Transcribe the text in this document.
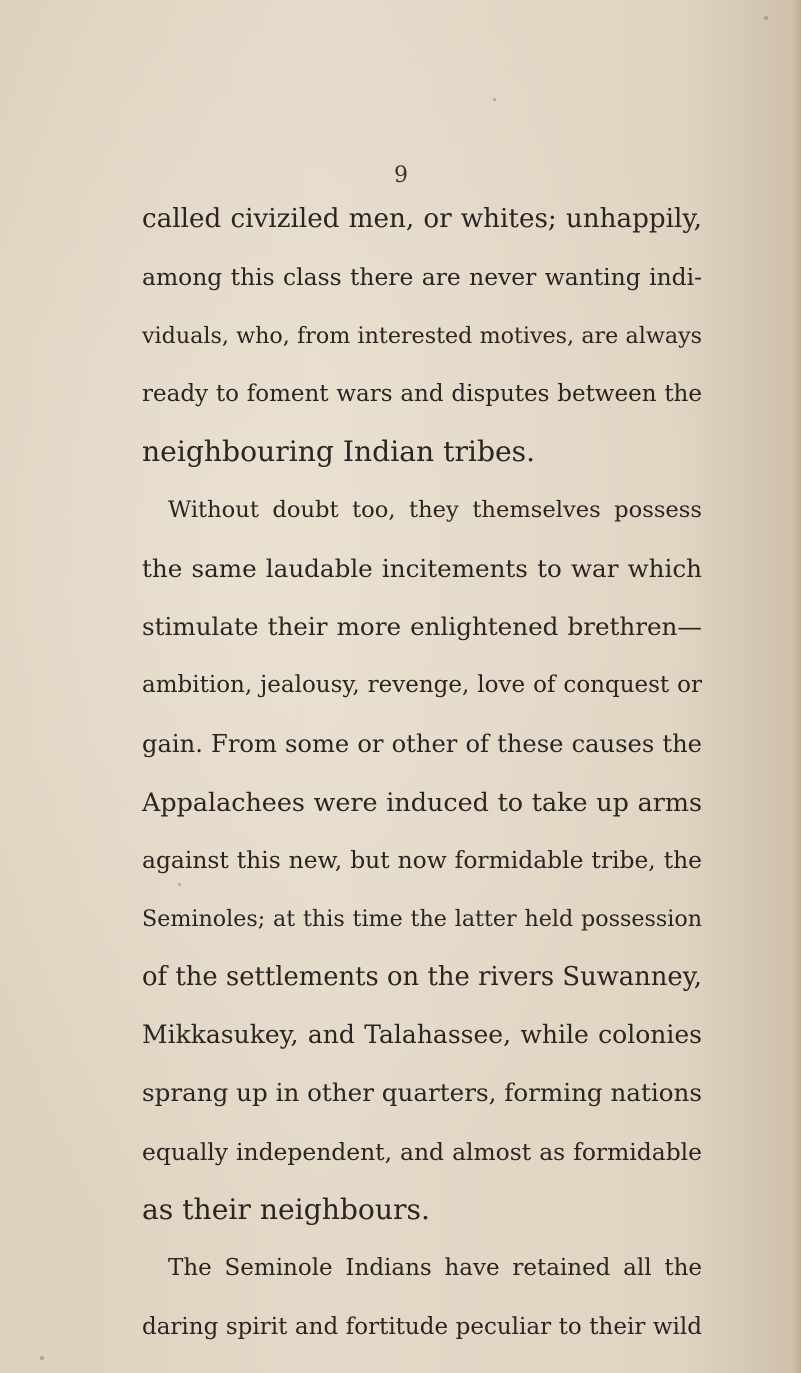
9
called civiziled men, or whites; unhappily,
among this class there are never wanting indi-
viduals, who, from interested motives, are always
ready to foment wars and disputes between the
neighbouring Indian tribes.
Without doubt too, they themselves possess
the same laudable incitements to war which
stimulate their more enlightened brethren—
ambition, jealousy, revenge, love of conquest or
gain. From some or other of these causes the
Appalachees were induced to take up arms
against this new, but now formidable tribe, the
Seminoles; at this time the latter held possession
of the settlements on the rivers Suwanney,
Mikkasukey, and Talahassee, while colonies
sprang up in other quarters, forming nations
equally independent, and almost as formidable
as their neighbours.
The Seminole Indians have retained all the
daring spirit and fortitude peculiar to their wild
